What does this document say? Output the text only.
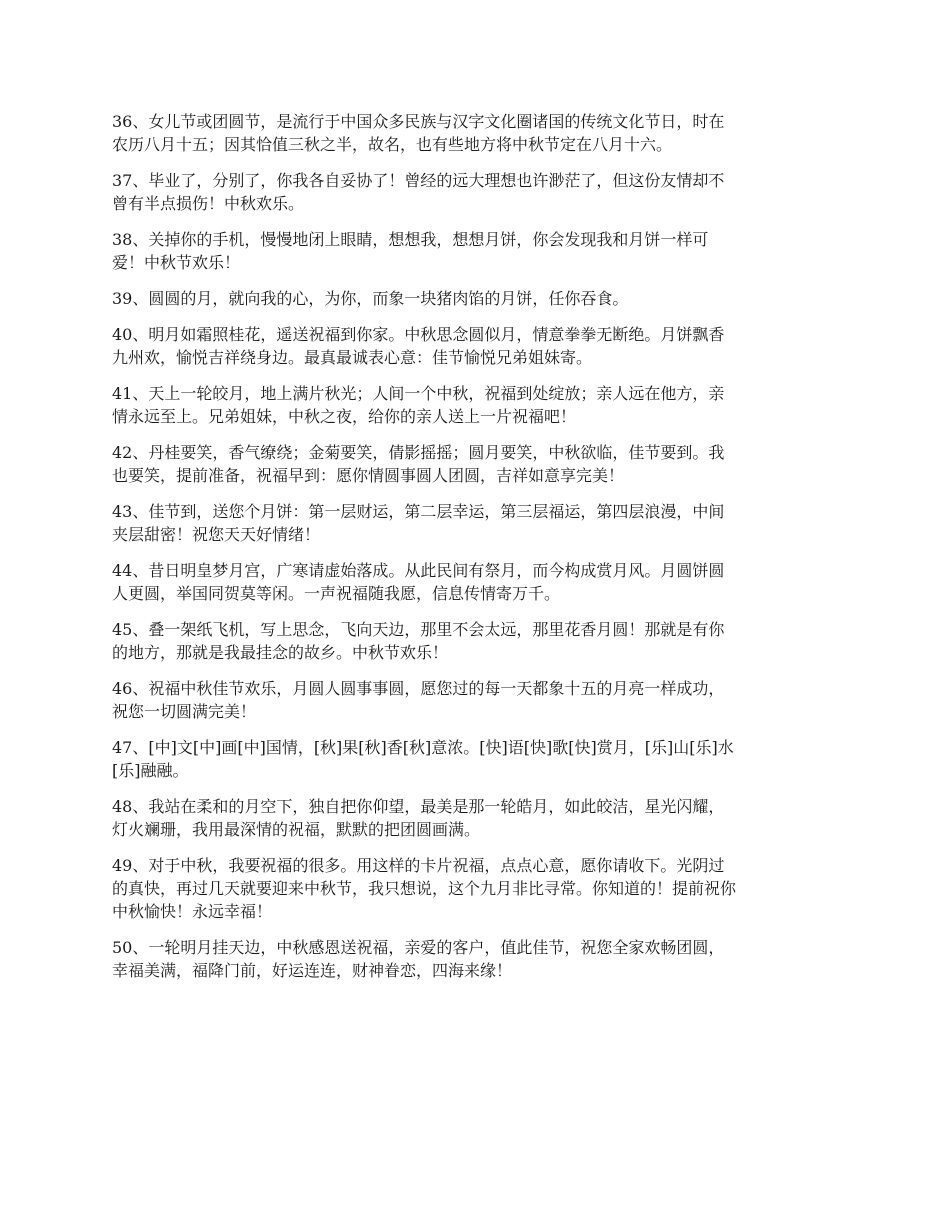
36、女儿节或团圆节，是流行于中国众多民族与汉字文化圈诸国的传统文化节日，时在
农历八月十五；因其恰值三秋之半，故名，也有些地方将中秋节定在八月十六。

37、毕业了，分别了，你我各自妥协了！曾经的远大理想也许渺茫了，但这份友情却不
曾有半点损伤！中秋欢乐。

38、关掉你的手机，慢慢地闭上眼睛，想想我，想想月饼，你会发现我和月饼一样可
爱！中秋节欢乐！

39、圆圆的月，就向我的心，为你，而象一块猪肉馅的月饼，任你吞食。

40、明月如霜照桂花，遥送祝福到你家。中秋思念圆似月，情意拳拳无断绝。月饼飘香
九州欢，愉悦吉祥绕身边。最真最诚表心意：佳节愉悦兄弟姐妹寄。

41、天上一轮皎月，地上满片秋光；人间一个中秋，祝福到处绽放；亲人远在他方，亲
情永远至上。兄弟姐妹，中秋之夜，给你的亲人送上一片祝福吧！

42、丹桂要笑，香气缭绕；金菊要笑，倩影摇摇；圆月要笑，中秋欲临，佳节要到。我
也要笑，提前准备，祝福早到：愿你情圆事圆人团圆，吉祥如意享完美！

43、佳节到，送您个月饼：第一层财运，第二层幸运，第三层福运，第四层浪漫，中间
夹层甜密！祝您天天好情绪！

44、昔日明皇梦月宫，广寒请虚始落成。从此民间有祭月，而今构成赏月风。月圆饼圆
人更圆，举国同贺莫等闲。一声祝福随我愿，信息传情寄万千。

45、叠一架纸飞机，写上思念，飞向天边，那里不会太远，那里花香月圆！那就是有你
的地方，那就是我最挂念的故乡。中秋节欢乐！

46、祝福中秋佳节欢乐，月圆人圆事事圆，愿您过的每一天都象十五的月亮一样成功，
祝您一切圆满完美！

47、[中]文[中]画[中]国情，[秋]果[秋]香[秋]意浓。[快]语[快]歌[快]赏月，[乐]山[乐]水
[乐]融融。

48、我站在柔和的月空下，独自把你仰望，最美是那一轮皓月，如此皎洁，星光闪耀，
灯火斓珊，我用最深情的祝福，默默的把团圆画满。

49、对于中秋，我要祝福的很多。用这样的卡片祝福，点点心意，愿你请收下。光阴过
的真快，再过几天就要迎来中秋节，我只想说，这个九月非比寻常。你知道的！提前祝你
中秋愉快！永远幸福！

50、一轮明月挂天边，中秋感恩送祝福，亲爱的客户，值此佳节，祝您全家欢畅团圆，
幸福美满，福降门前，好运连连，财神眷恋，四海来缘！
